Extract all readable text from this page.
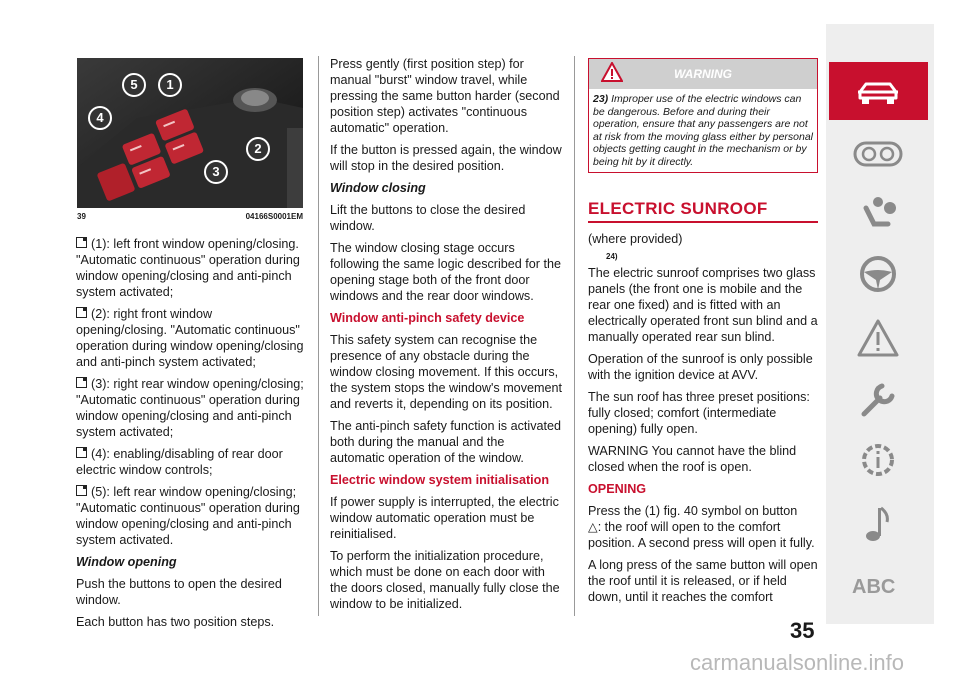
5	1
4
2
3
39	04166S0001EM

(1): left front window opening/closing. "Automatic continuous" operation during window opening/closing and anti-pinch system activated;

(2): right front window opening/closing. "Automatic continuous" operation during window opening/closing and anti-pinch system activated;

(3): right rear window opening/closing; "Automatic continuous" operation during window opening/closing and anti-pinch system activated;

(4): enabling/disabling of rear door electric window controls;

(5): left rear window opening/closing; "Automatic continuous" operation during window opening/closing and anti-pinch system activated.

Window opening

Push the buttons to open the desired window.

Each button has two position steps.

Press gently (first position step) for manual "burst" window travel, while pressing the same button harder (second position step) activates "continuous automatic" operation.

If the button is pressed again, the window will stop in the desired position.

Window closing

Lift the buttons to close the desired window.

The window closing stage occurs following the same logic described for the opening stage both of the front door windows and the rear door windows.

Window anti-pinch safety device

This safety system can recognise the presence of any obstacle during the window closing movement. If this occurs, the system stops the window's movement and reverts it, depending on its position.

The anti-pinch safety function is activated both during the manual and the automatic operation of the window.

Electric window system initialisation

If power supply is interrupted, the electric window automatic operation must be reinitialised.

To perform the initialization procedure, which must be done on each door with the doors closed, manually fully close the window to be initialized.

WARNING
23) Improper use of the electric windows can be dangerous. Before and during their operation, ensure that any passengers are not at risk from the moving glass either by personal objects getting caught in the mechanism or by being hit by it directly.
ELECTRIC SUNROOF

(where provided)

24)

The electric sunroof comprises two glass panels (the front one is mobile and the rear one fixed) and is fitted with an electrically operated front sun blind and a manually operated rear sun blind.

Operation of the sunroof is only possible with the ignition device at AVV.

The sun roof has three preset positions: fully closed; comfort (intermediate opening) fully open.

WARNING You cannot have the blind closed when the roof is open.

OPENING

Press the (1) fig. 40 symbol on button
△: the roof will open to the comfort position. A second press will open it fully.

A long press of the same button will open the roof until it is released, or if held down, until it reaches the comfort	ABC
35
carmanualsonline.info
